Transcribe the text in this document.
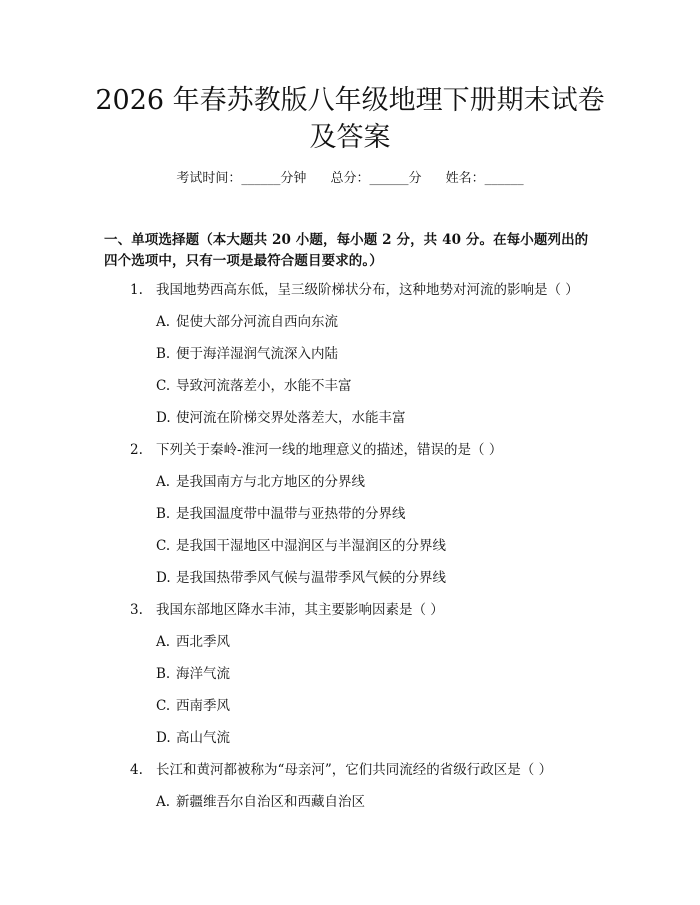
2026 年春苏教版八年级地理下册期末试卷及答案
考试时间：______分钟 总分：______分 姓名：______
一、单项选择题（本大题共 20 小题，每小题 2 分，共 40 分。在每小题列出的四个选项中，只有一项是最符合题目要求的。）
1. 我国地势西高东低，呈三级阶梯状分布，这种地势对河流的影响是（ ）
A. 促使大部分河流自西向东流
B. 便于海洋湿润气流深入内陆
C. 导致河流落差小，水能不丰富
D. 使河流在阶梯交界处落差大，水能丰富
2. 下列关于秦岭-淮河一线的地理意义的描述，错误的是（ ）
A. 是我国南方与北方地区的分界线
B. 是我国温度带中温带与亚热带的分界线
C. 是我国干湿地区中湿润区与半湿润区的分界线
D. 是我国热带季风气候与温带季风气候的分界线
3. 我国东部地区降水丰沛，其主要影响因素是（ ）
A. 西北季风
B. 海洋气流
C. 西南季风
D. 高山气流
4. 长江和黄河都被称为“母亲河”，它们共同流经的省级行政区是（ ）
A. 新疆维吾尔自治区和西藏自治区
